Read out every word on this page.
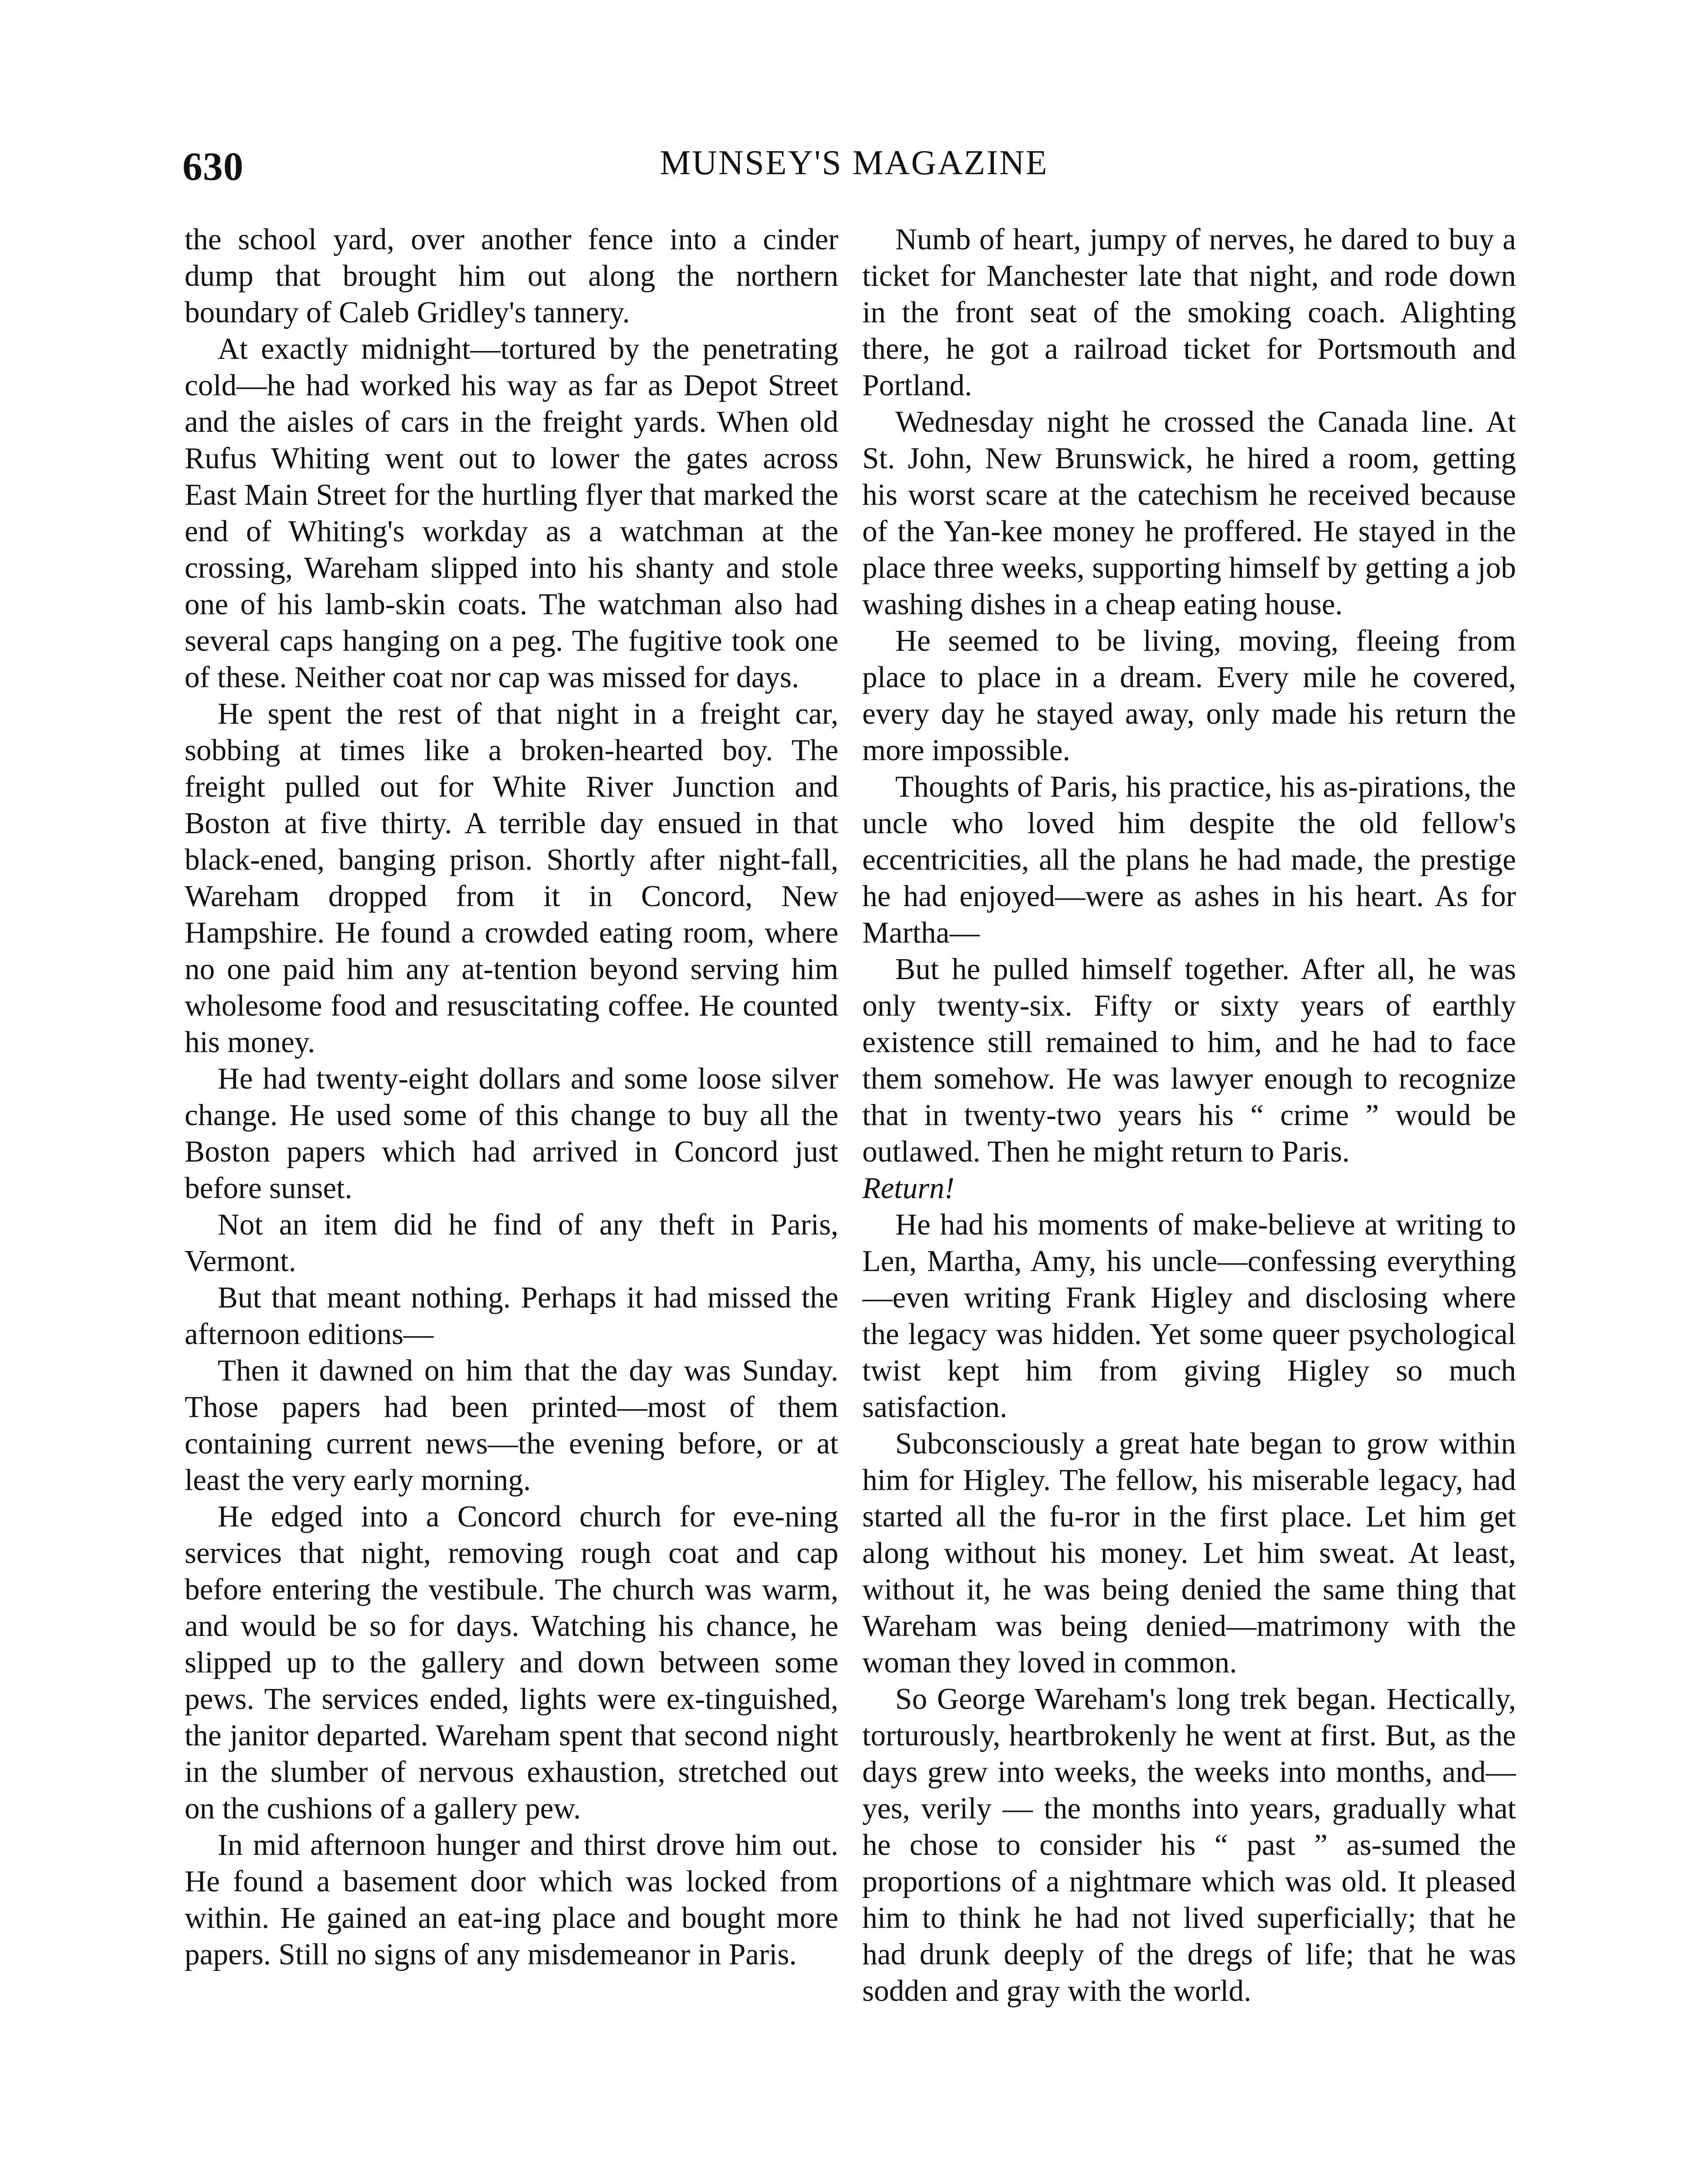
630	MUNSEY'S MAGAZINE

the school yard, over another fence into a cinder dump that brought him out along the northern boundary of Caleb Gridley's tannery.

At exactly midnight—tortured by the penetrating cold—he had worked his way as far as Depot Street and the aisles of cars in the freight yards. When old Rufus Whiting went out to lower the gates across East Main Street for the hurtling flyer that marked the end of Whiting's workday as a watchman at the crossing, Wareham slipped into his shanty and stole one of his lamb-skin coats. The watchman also had several caps hanging on a peg. The fugitive took one of these. Neither coat nor cap was missed for days.

He spent the rest of that night in a freight car, sobbing at times like a broken-hearted boy. The freight pulled out for White River Junction and Boston at five thirty. A terrible day ensued in that black-ened, banging prison. Shortly after night-fall, Wareham dropped from it in Concord, New Hampshire. He found a crowded eating room, where no one paid him any at-tention beyond serving him wholesome food and resuscitating coffee. He counted his money.

He had twenty-eight dollars and some loose silver change. He used some of this change to buy all the Boston papers which had arrived in Concord just before sunset.

Not an item did he find of any theft in Paris, Vermont.

But that meant nothing. Perhaps it had missed the afternoon editions—

Then it dawned on him that the day was Sunday. Those papers had been printed—most of them containing current news—the evening before, or at least the very early morning.

He edged into a Concord church for eve-ning services that night, removing rough coat and cap before entering the vestibule. The church was warm, and would be so for days. Watching his chance, he slipped up to the gallery and down between some pews. The services ended, lights were ex-tinguished, the janitor departed. Wareham spent that second night in the slumber of nervous exhaustion, stretched out on the cushions of a gallery pew.

In mid afternoon hunger and thirst drove him out. He found a basement door which was locked from within. He gained an eat-ing place and bought more papers. Still no signs of any misdemeanor in Paris.

Numb of heart, jumpy of nerves, he dared to buy a ticket for Manchester late that night, and rode down in the front seat of the smoking coach. Alighting there, he got a railroad ticket for Portsmouth and Portland.

Wednesday night he crossed the Canada line. At St. John, New Brunswick, he hired a room, getting his worst scare at the catechism he received because of the Yan-kee money he proffered. He stayed in the place three weeks, supporting himself by getting a job washing dishes in a cheap eating house.

He seemed to be living, moving, fleeing from place to place in a dream. Every mile he covered, every day he stayed away, only made his return the more impossible.

Thoughts of Paris, his practice, his as-pirations, the uncle who loved him despite the old fellow's eccentricities, all the plans he had made, the prestige he had enjoyed—were as ashes in his heart. As for Martha—

But he pulled himself together. After all, he was only twenty-six. Fifty or sixty years of earthly existence still remained to him, and he had to face them somehow. He was lawyer enough to recognize that in twenty-two years his “ crime ” would be outlawed. Then he might return to Paris.

Return!

He had his moments of make-believe at writing to Len, Martha, Amy, his uncle—confessing everything—even writing Frank Higley and disclosing where the legacy was hidden. Yet some queer psychological twist kept him from giving Higley so much satisfaction.

Subconsciously a great hate began to grow within him for Higley. The fellow, his miserable legacy, had started all the fu-ror in the first place. Let him get along without his money. Let him sweat. At least, without it, he was being denied the same thing that Wareham was being denied—matrimony with the woman they loved in common.

So George Wareham's long trek began. Hectically, torturously, heartbrokenly he went at first. But, as the days grew into weeks, the weeks into months, and—yes, verily — the months into years, gradually what he chose to consider his “ past ” as-sumed the proportions of a nightmare which was old. It pleased him to think he had not lived superficially; that he had drunk deeply of the dregs of life; that he was sodden and gray with the world.
